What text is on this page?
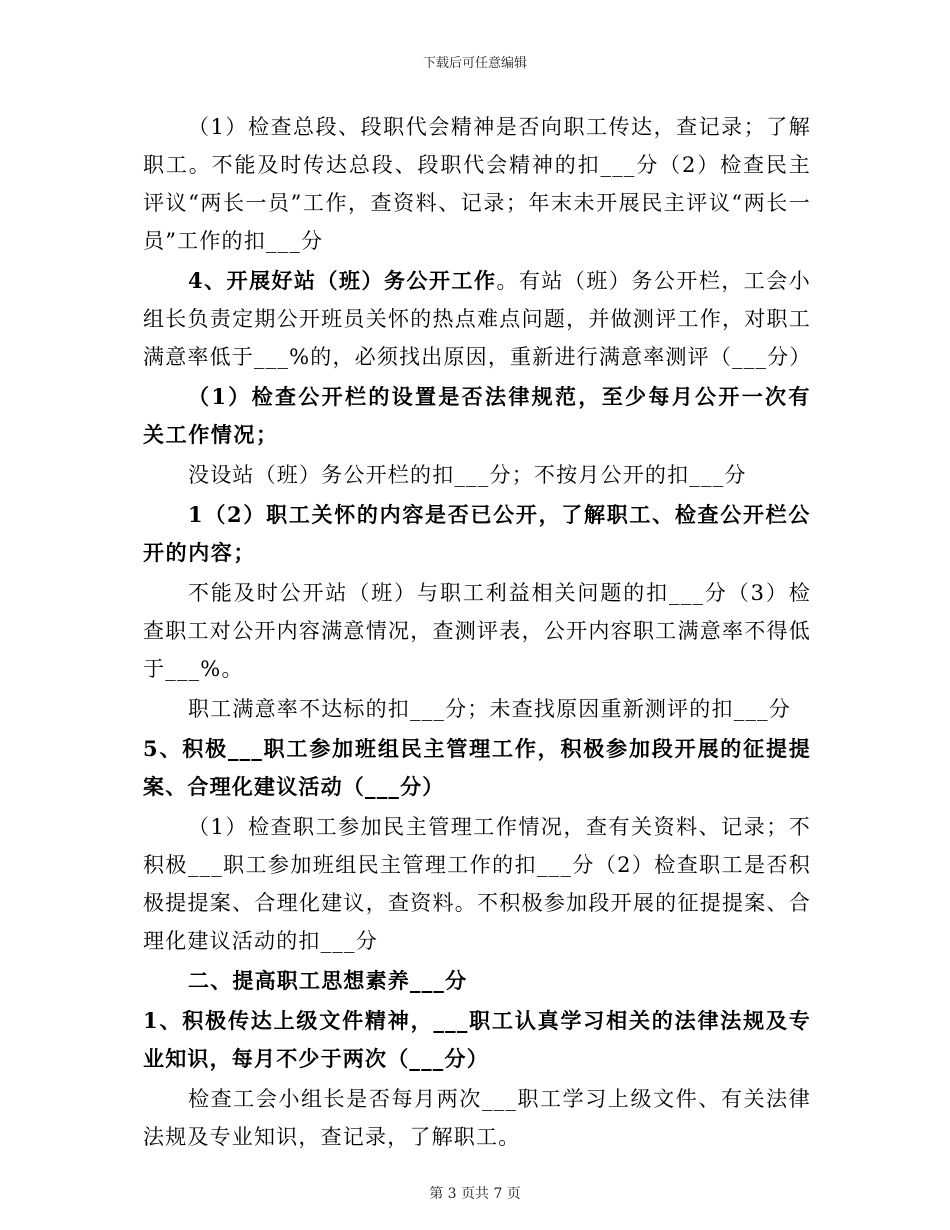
下载后可任意编辑

（1）检查总段、段职代会精神是否向职工传达，查记录；了解职工。不能及时传达总段、段职代会精神的扣___分（2）检查民主评议“两长一员”工作，查资料、记录；年末未开展民主评议“两长一员”工作的扣___分

4、开展好站（班）务公开工作。有站（班）务公开栏，工会小组长负责定期公开班员关怀的热点难点问题，并做测评工作，对职工满意率低于___%的，必须找出原因，重新进行满意率测评（___分）

（1）检查公开栏的设置是否法律规范，至少每月公开一次有关工作情况；

没设站（班）务公开栏的扣___分；不按月公开的扣___分

1（2）职工关怀的内容是否已公开，了解职工、检查公开栏公开的内容；

不能及时公开站（班）与职工利益相关问题的扣___分（3）检查职工对公开内容满意情况，查测评表，公开内容职工满意率不得低于___%。

职工满意率不达标的扣___分；未查找原因重新测评的扣___分

5、积极___职工参加班组民主管理工作，积极参加段开展的征提提案、合理化建议活动（___分）

（1）检查职工参加民主管理工作情况，查有关资料、记录；不积极___职工参加班组民主管理工作的扣___分（2）检查职工是否积极提提案、合理化建议，查资料。不积极参加段开展的征提提案、合理化建议活动的扣___分

二、提高职工思想素养___分

1、积极传达上级文件精神，___职工认真学习相关的法律法规及专业知识，每月不少于两次（___分）

检查工会小组长是否每月两次___职工学习上级文件、有关法律法规及专业知识，查记录，了解职工。

第 3 页共 7 页
